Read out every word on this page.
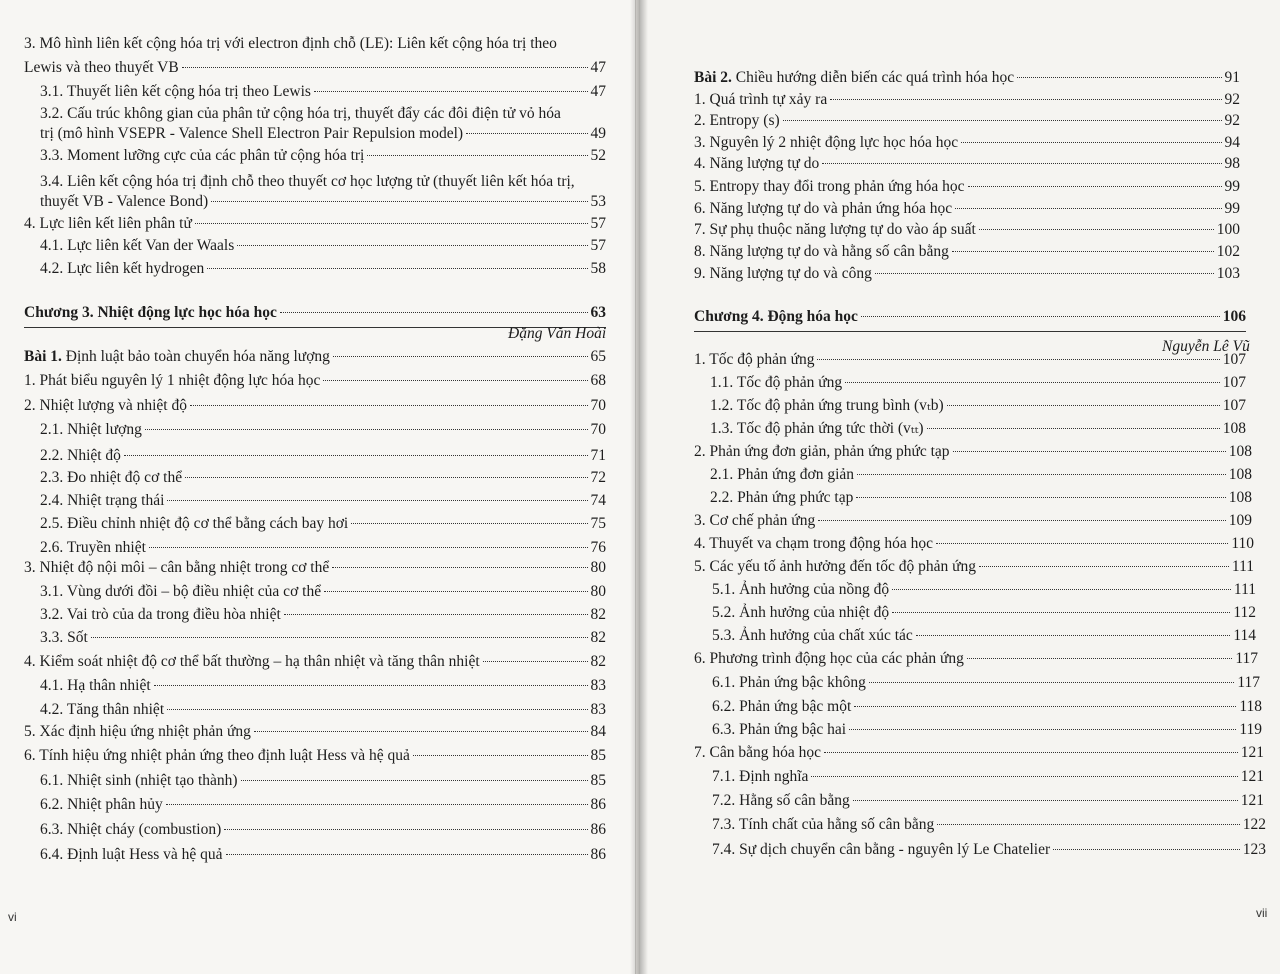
3. Mô hình liên kết cộng hóa trị với electron định chỗ (LE): Liên kết cộng hóa trị theo
Lewis và theo thuyết VB	47
3.1. Thuyết liên kết cộng hóa trị theo Lewis	47
3.2. Cấu trúc không gian của phân tử cộng hóa trị, thuyết đẩy các đôi điện tử vỏ hóa
trị (mô hình VSEPR - Valence Shell Electron Pair Repulsion model)	49
3.3. Moment lưỡng cực của các phân tử cộng hóa trị	52
3.4. Liên kết cộng hóa trị định chỗ theo thuyết cơ học lượng tử (thuyết liên kết hóa trị,
thuyết VB - Valence Bond)	53
4. Lực liên kết liên phân tử	57
4.1. Lực liên kết Van der Waals	57
4.2. Lực liên kết hydrogen	58
Chương 3. Nhiệt động lực học hóa học	63
Bài 1. Định luật bảo toàn chuyển hóa năng lượng	65
1. Phát biểu nguyên lý 1 nhiệt động lực hóa học	68
2. Nhiệt lượng và nhiệt độ	70
2.1. Nhiệt lượng	70
2.2. Nhiệt độ	71
2.3. Đo nhiệt độ cơ thể	72
2.4. Nhiệt trạng thái	74
2.5. Điều chỉnh nhiệt độ cơ thể bằng cách bay hơi	75
2.6. Truyền nhiệt	76
3. Nhiệt độ nội môi – cân bằng nhiệt trong cơ thể	80
3.1. Vùng dưới đồi – bộ điều nhiệt của cơ thể	80
3.2. Vai trò của da trong điều hòa nhiệt	82
3.3. Sốt	82
4. Kiểm soát nhiệt độ cơ thể bất thường – hạ thân nhiệt và tăng thân nhiệt	82
4.1. Hạ thân nhiệt	83
4.2. Tăng thân nhiệt	83
5. Xác định hiệu ứng nhiệt phản ứng	84
6. Tính hiệu ứng nhiệt phản ứng theo định luật Hess và hệ quả	85
6.1. Nhiệt sinh (nhiệt tạo thành)	85
6.2. Nhiệt phân hủy	86
6.3. Nhiệt cháy (combustion)	86
6.4. Định luật Hess và hệ quả	86
Bài 2. Chiều hướng diễn biến các quá trình hóa học	91
1. Quá trình tự xảy ra	92
2. Entropy (s)	92
3. Nguyên lý 2 nhiệt động lực học hóa học	94
4. Năng lượng tự do	98
5. Entropy thay đổi trong phản ứng hóa học	99
6. Năng lượng tự do và phản ứng hóa học	99
7. Sự phụ thuộc năng lượng tự do vào áp suất	100
8. Năng lượng tự do và hằng số cân bằng	102
9. Năng lượng tự do và công	103
Chương 4. Động hóa học	106
1. Tốc độ phản ứng	107
1.1. Tốc độ phản ứng	107
1.2. Tốc độ phản ứng trung bình (vₜb)	107
1.3. Tốc độ phản ứng tức thời (vₜₜ)	108
2. Phản ứng đơn giản, phản ứng phức tạp	108
2.1. Phản ứng đơn giản	108
2.2. Phản ứng phức tạp	108
3. Cơ chế phản ứng	109
4. Thuyết va chạm trong động hóa học	110
5. Các yếu tố ảnh hưởng đến tốc độ phản ứng	111
5.1. Ảnh hưởng của nồng độ	111
5.2. Ảnh hưởng của nhiệt độ	112
5.3. Ảnh hưởng của chất xúc tác	114
6. Phương trình động học của các phản ứng	117
6.1. Phản ứng bậc không	117
6.2. Phản ứng bậc một	118
6.3. Phản ứng bậc hai	119
7. Cân bằng hóa học	121
7.1. Định nghĩa	121
7.2. Hằng số cân bằng	121
7.3. Tính chất của hằng số cân bằng	122
7.4. Sự dịch chuyển cân bằng - nguyên lý Le Chatelier	123
Đặng Văn Hoài
Nguyễn Lê Vũ
vi	vii
